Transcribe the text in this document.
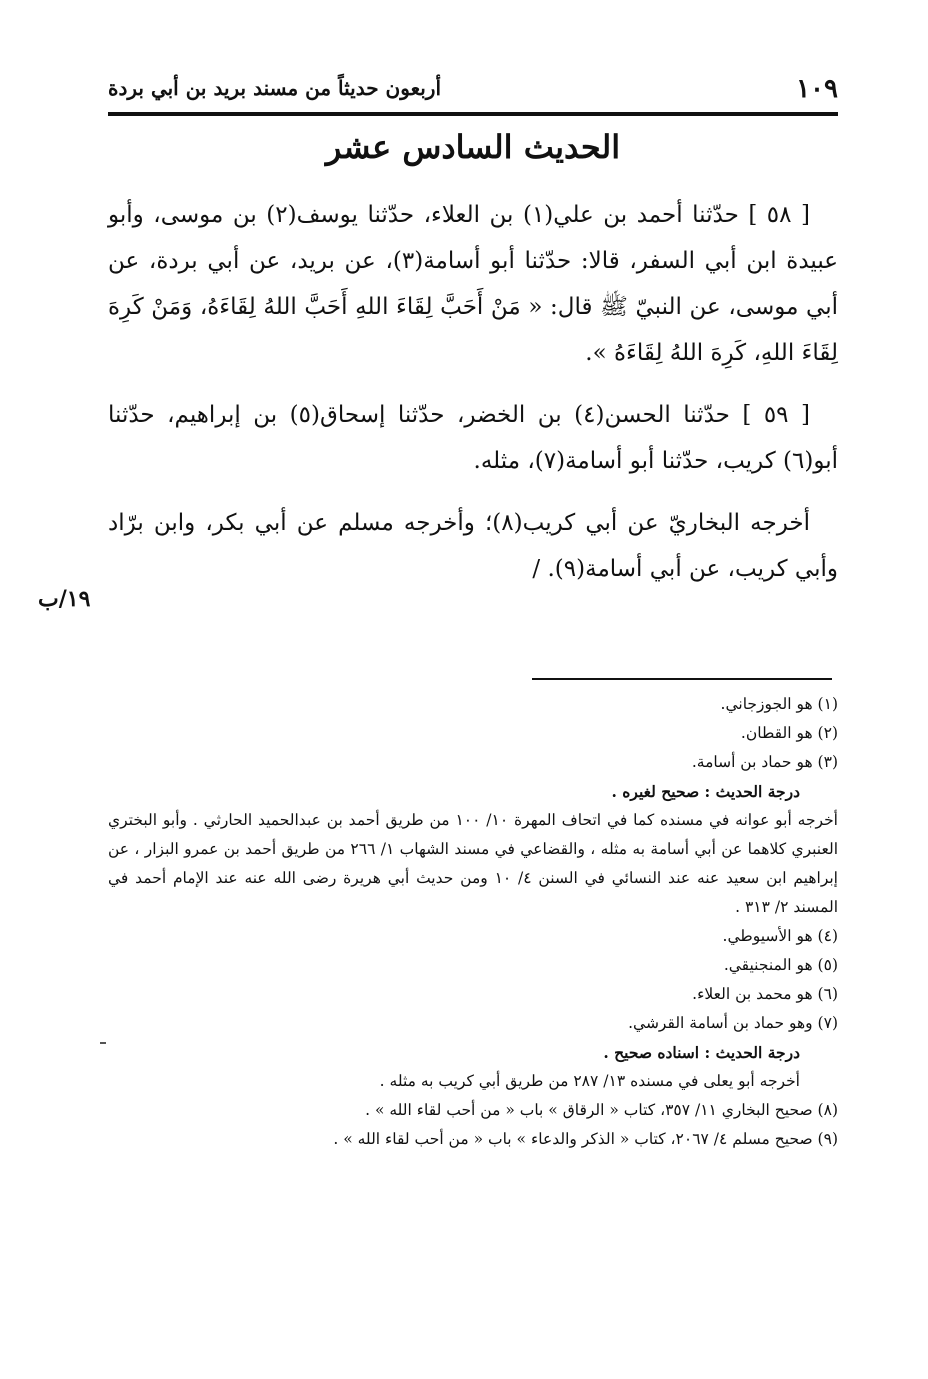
١٠٩
أربعون حديثاً من مسند بريد بن أبي بردة
الحديث السادس عشر

[ ٥٨ ] حدّثنا أحمد بن علي(١) بن العلاء، حدّثنا يوسف(٢) بن موسى، وأبو عبيدة ابن أبي السفر، قالا: حدّثنا أبو أسامة(٣)، عن بريد، عن أبي بردة، عن أبي موسى، عن النبيّ ﷺ قال: « مَنْ أَحَبَّ لِقَاءَ اللهِ أَحَبَّ اللهُ لِقَاءَهُ، وَمَنْ كَرِهَ لِقَاءَ اللهِ، كَرِهَ اللهُ لِقَاءَهُ ».

[ ٥٩ ] حدّثنا الحسن(٤) بن الخضر، حدّثنا إسحاق(٥) بن إبراهيم، حدّثنا أبو(٦) كريب، حدّثنا أبو أسامة(٧)، مثله.

أخرجه البخاريّ عن أبي كريب(٨)؛ وأخرجه مسلم عن أبي بكر، وابن برّاد وأبي كريب، عن أبي أسامة(٩). /

١٩/ب

(١) هو الجوزجاني.

(٢) هو القطان.

(٣) هو حماد بن أسامة.

درجة الحديث : صحيح لغيره .

أخرجه أبو عوانه في مسنده كما في اتحاف المهرة ١٠/ ١٠٠ من طريق أحمد بن عبدالحميد الحارثي . وأبو البختري العنبري كلاهما عن أبي أسامة به مثله ، والقضاعي في مسند الشهاب ١/ ٢٦٦ من طريق أحمد بن عمرو البزار ، عن إبراهيم ابن سعيد عنه عند النسائي في السنن ٤/ ١٠ ومن حديث أبي هريرة رضى الله عنه عند الإمام أحمد في المسند ٢/ ٣١٣ .

(٤) هو الأسيوطي.

(٥) هو المنجنيقي.

(٦) هو محمد بن العلاء.

(٧) وهو حماد بن أسامة القرشي.

درجة الحديث : اسناده صحيح .

أخرجه أبو يعلى في مسنده ١٣/ ٢٨٧ من طريق أبي كريب به مثله .

(٨) صحيح البخاري ١١/ ٣٥٧، كتاب « الرقاق » باب « من أحب لقاء الله » .

(٩) صحيح مسلم ٤/ ٢٠٦٧، كتاب « الذكر والدعاء » باب « من أحب لقاء الله » .
